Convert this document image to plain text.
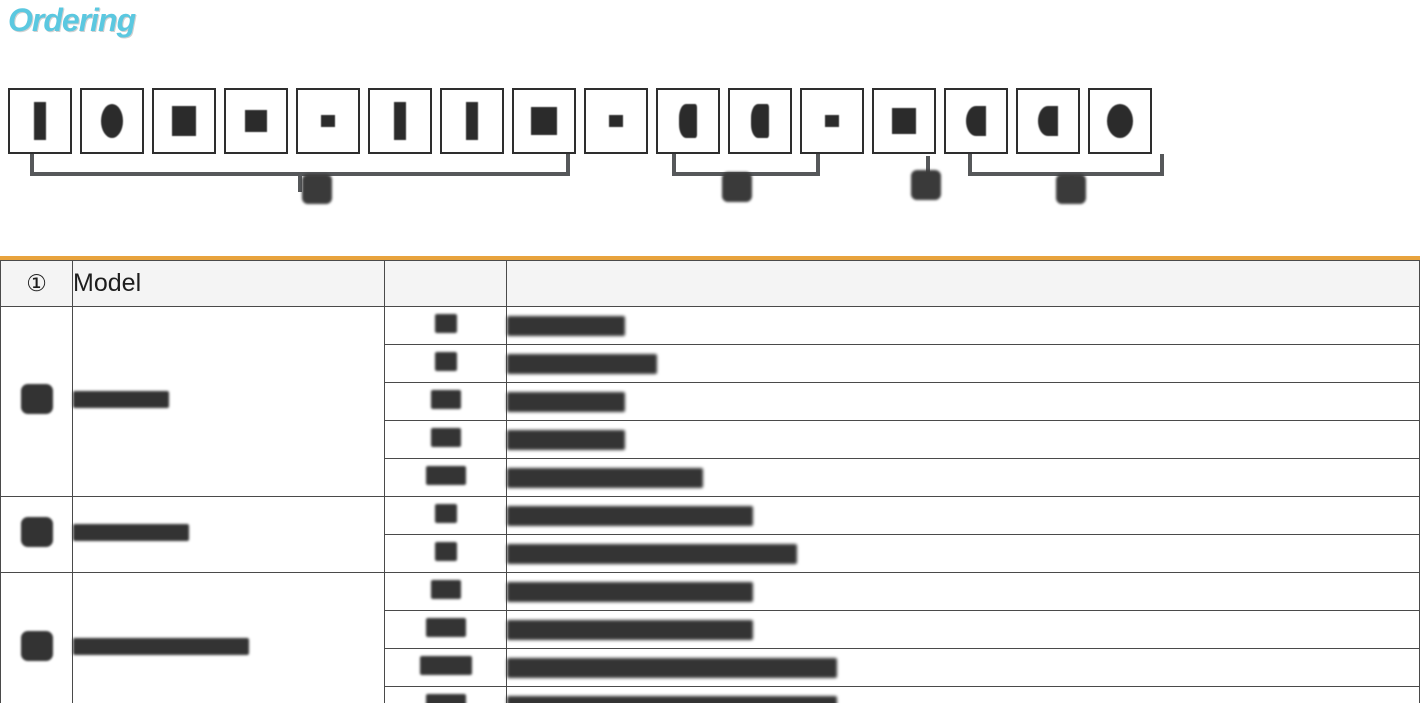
Ordering
①	Model		
